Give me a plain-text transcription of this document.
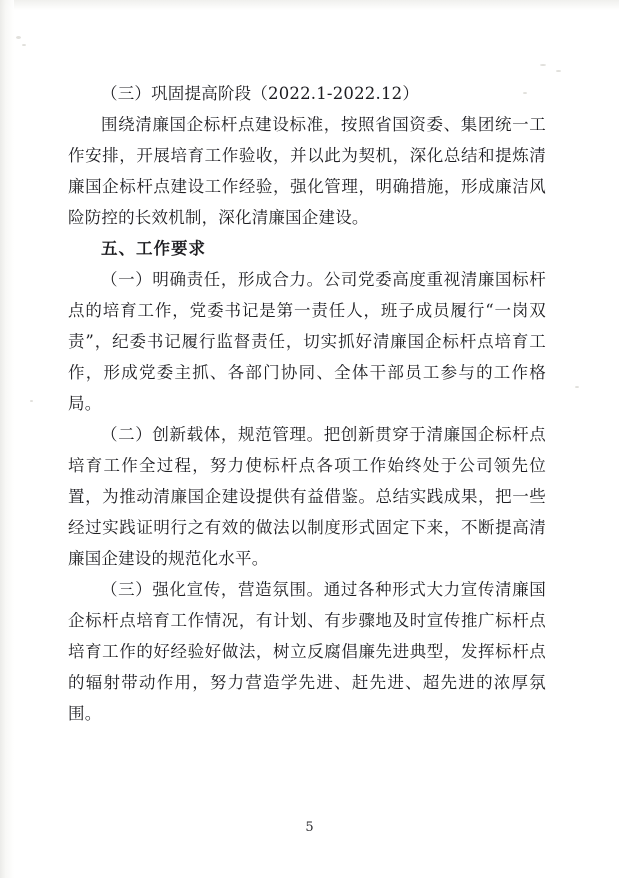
（三）巩固提高阶段（2022.1-2022.12）

围绕清廉国企标杆点建设标准，按照省国资委、集团统一工作安排，开展培育工作验收，并以此为契机，深化总结和提炼清廉国企标杆点建设工作经验，强化管理，明确措施，形成廉洁风险防控的长效机制，深化清廉国企建设。

五、工作要求

（一）明确责任，形成合力。公司党委高度重视清廉国标杆点的培育工作，党委书记是第一责任人，班子成员履行“一岗双责”，纪委书记履行监督责任，切实抓好清廉国企标杆点培育工作，形成党委主抓、各部门协同、全体干部员工参与的工作格局。

（二）创新载体，规范管理。把创新贯穿于清廉国企标杆点培育工作全过程，努力使标杆点各项工作始终处于公司领先位置，为推动清廉国企建设提供有益借鉴。总结实践成果，把一些经过实践证明行之有效的做法以制度形式固定下来，不断提高清廉国企建设的规范化水平。

（三）强化宣传，营造氛围。通过各种形式大力宣传清廉国企标杆点培育工作情况，有计划、有步骤地及时宣传推广标杆点培育工作的好经验好做法，树立反腐倡廉先进典型，发挥标杆点的辐射带动作用，努力营造学先进、赶先进、超先进的浓厚氛围。

5
